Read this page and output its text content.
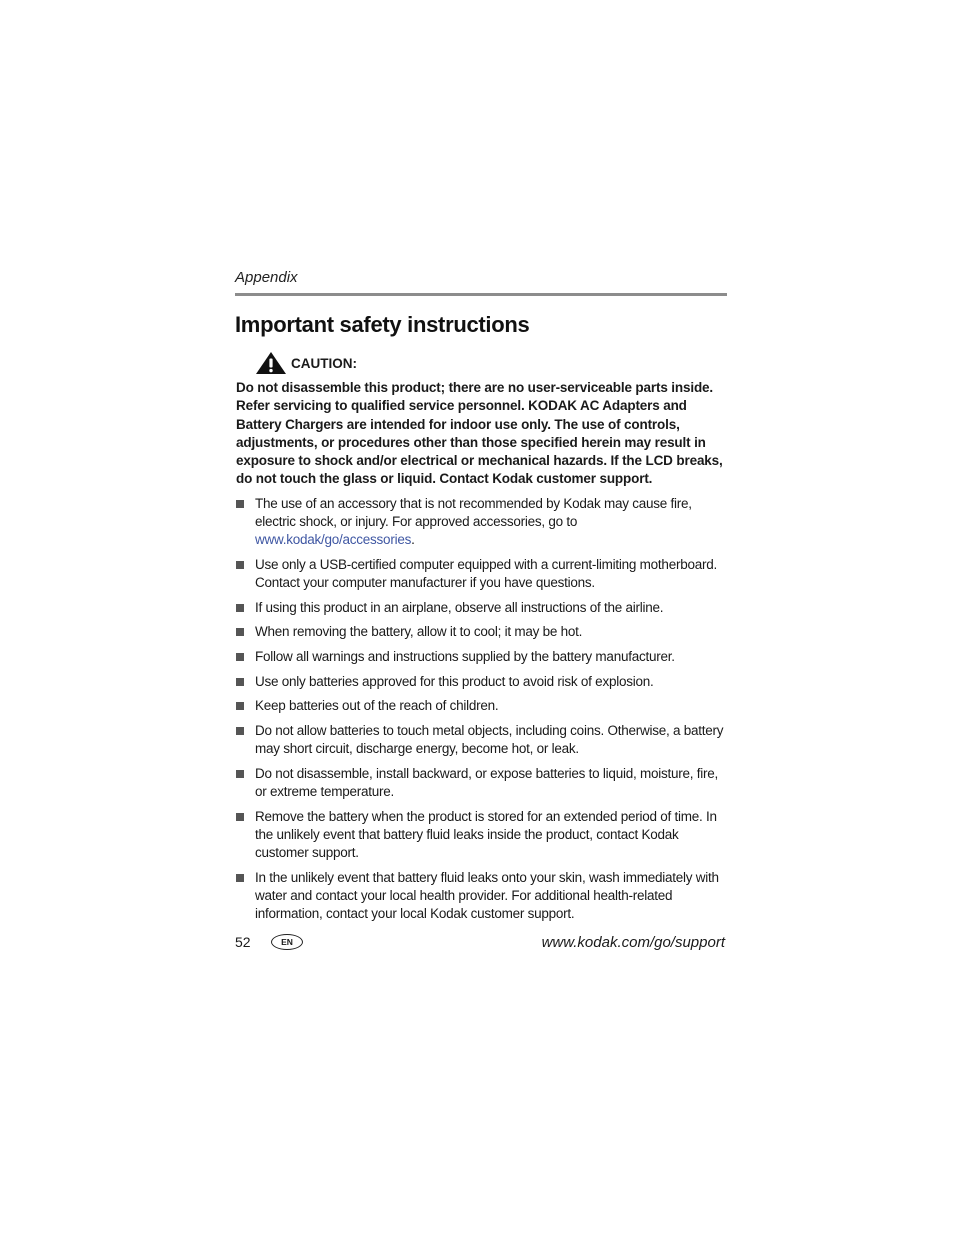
Appendix
Important safety instructions
CAUTION:
Do not disassemble this product; there are no user-serviceable parts inside. Refer servicing to qualified service personnel. KODAK AC Adapters and Battery Chargers are intended for indoor use only. The use of controls, adjustments, or procedures other than those specified herein may result in exposure to shock and/or electrical or mechanical hazards. If the LCD breaks, do not touch the glass or liquid. Contact Kodak customer support.
The use of an accessory that is not recommended by Kodak may cause fire, electric shock, or injury. For approved accessories, go to www.kodak/go/accessories.
Use only a USB-certified computer equipped with a current-limiting motherboard. Contact your computer manufacturer if you have questions.
If using this product in an airplane, observe all instructions of the airline.
When removing the battery, allow it to cool; it may be hot.
Follow all warnings and instructions supplied by the battery manufacturer.
Use only batteries approved for this product to avoid risk of explosion.
Keep batteries out of the reach of children.
Do not allow batteries to touch metal objects, including coins. Otherwise, a battery may short circuit, discharge energy, become hot, or leak.
Do not disassemble, install backward, or expose batteries to liquid, moisture, fire, or extreme temperature.
Remove the battery when the product is stored for an extended period of time. In the unlikely event that battery fluid leaks inside the product, contact Kodak customer support.
In the unlikely event that battery fluid leaks onto your skin, wash immediately with water and contact your local health provider. For additional health-related information, contact your local Kodak customer support.
52	EN	www.kodak.com/go/support
